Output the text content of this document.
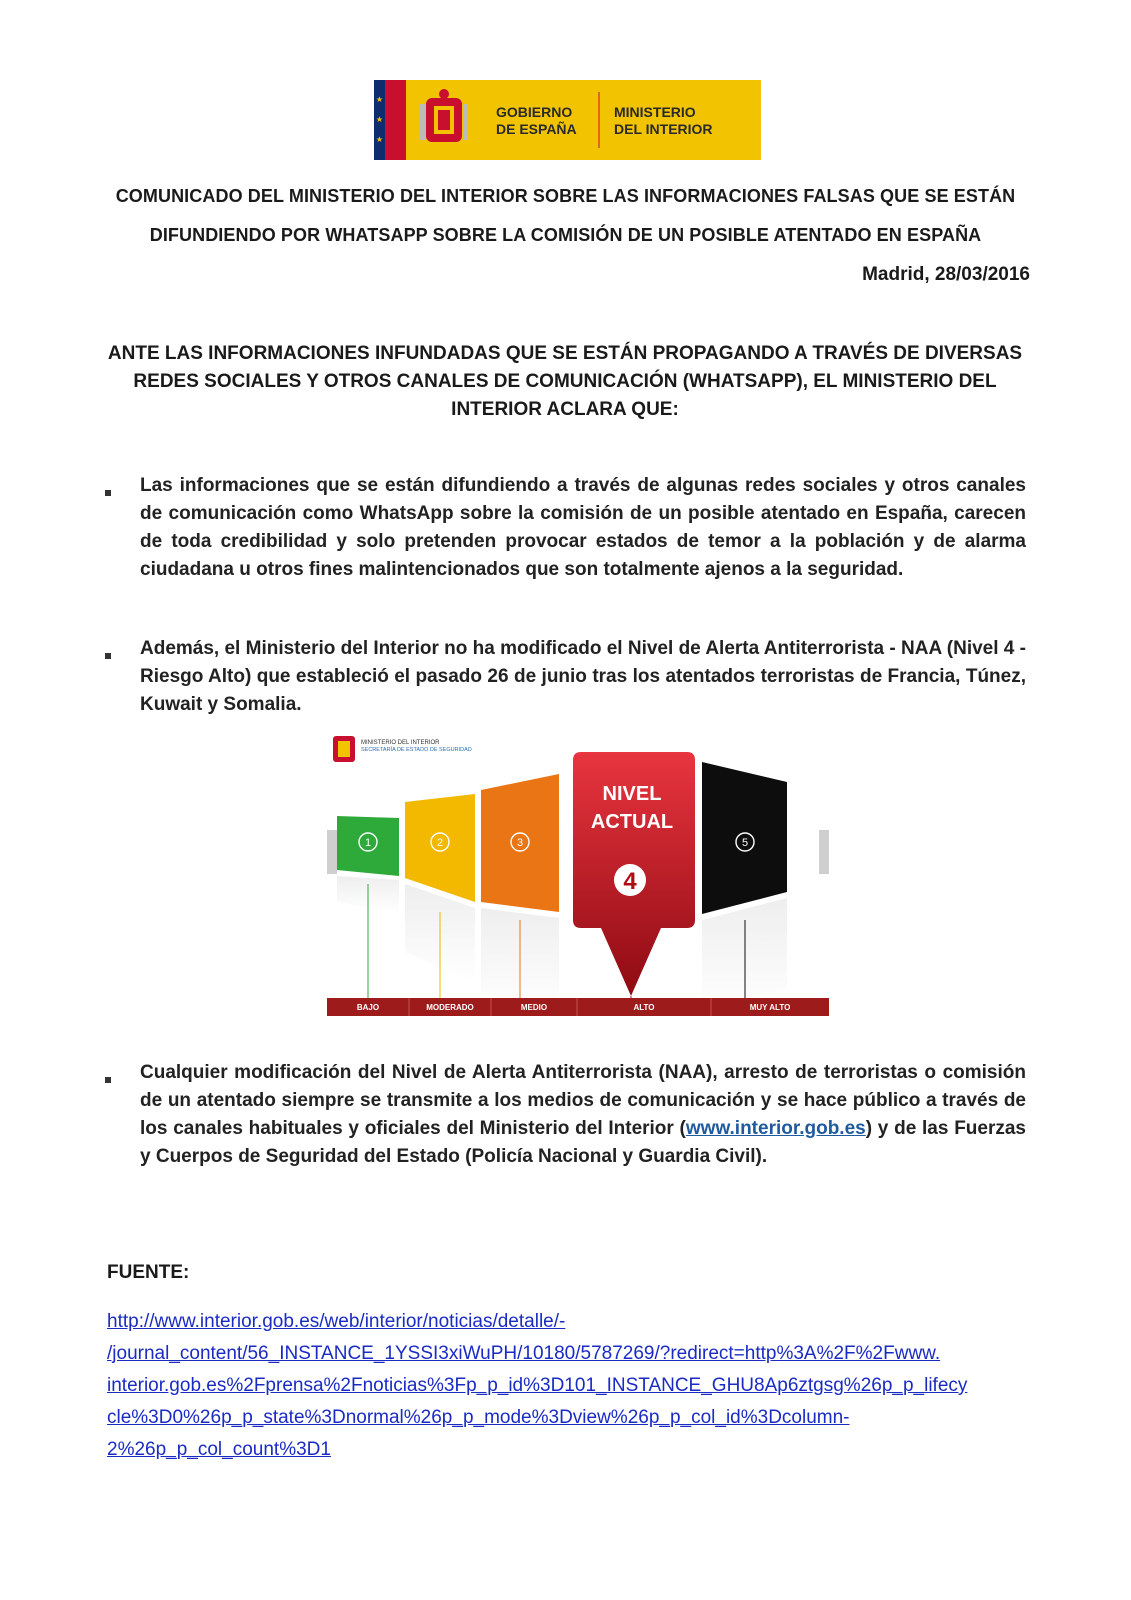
★
★
★
GOBIERNO
DE ESPAÑA
MINISTERIO
DEL INTERIOR
COMUNICADO DEL MINISTERIO DEL INTERIOR SOBRE LAS INFORMACIONES FALSAS QUE SE ESTÁN
DIFUNDIENDO POR WHATSAPP SOBRE LA COMISIÓN DE UN POSIBLE ATENTADO EN ESPAÑA
Madrid, 28/03/2016
ANTE LAS INFORMACIONES INFUNDADAS QUE SE ESTÁN PROPAGANDO A TRAVÉS DE DIVERSAS REDES SOCIALES Y OTROS CANALES DE COMUNICACIÓN (WHATSAPP), EL MINISTERIO DEL INTERIOR ACLARA QUE:
Las informaciones que se están difundiendo a través de algunas redes sociales y otros canales de comunicación como WhatsApp sobre la comisión de un posible atentado en España, carecen de toda credibilidad y solo pretenden provocar estados de temor a la población y de alarma ciudadana u otros fines malintencionados que son totalmente ajenos a la seguridad.
Además, el Ministerio del Interior no ha modificado el Nivel de Alerta Antiterrorista - NAA (Nivel 4 - Riesgo Alto) que estableció el pasado 26 de junio tras los atentados terroristas de Francia, Túnez, Kuwait y Somalia.
MINISTERIO DEL INTERIOR
SECRETARÍA DE ESTADO DE SEGURIDAD
1	2	3	5
NIVEL
ACTUAL
4
BAJO	MODERADO	MEDIO	ALTO	MUY ALTO
Cualquier modificación del Nivel de Alerta Antiterrorista (NAA), arresto de terroristas o comisión de un atentado siempre se transmite a los medios de comunicación y se hace público a través de los canales habituales y oficiales del Ministerio del Interior (www.interior.gob.es) y de las Fuerzas y Cuerpos de Seguridad del Estado (Policía Nacional y Guardia Civil).
FUENTE:
http://www.interior.gob.es/web/interior/noticias/detalle/-
/journal_content/56_INSTANCE_1YSSI3xiWuPH/10180/5787269/?redirect=http%3A%2F%2Fwww.
interior.gob.es%2Fprensa%2Fnoticias%3Fp_p_id%3D101_INSTANCE_GHU8Ap6ztgsg%26p_p_lifecy
cle%3D0%26p_p_state%3Dnormal%26p_p_mode%3Dview%26p_p_col_id%3Dcolumn-
2%26p_p_col_count%3D1
